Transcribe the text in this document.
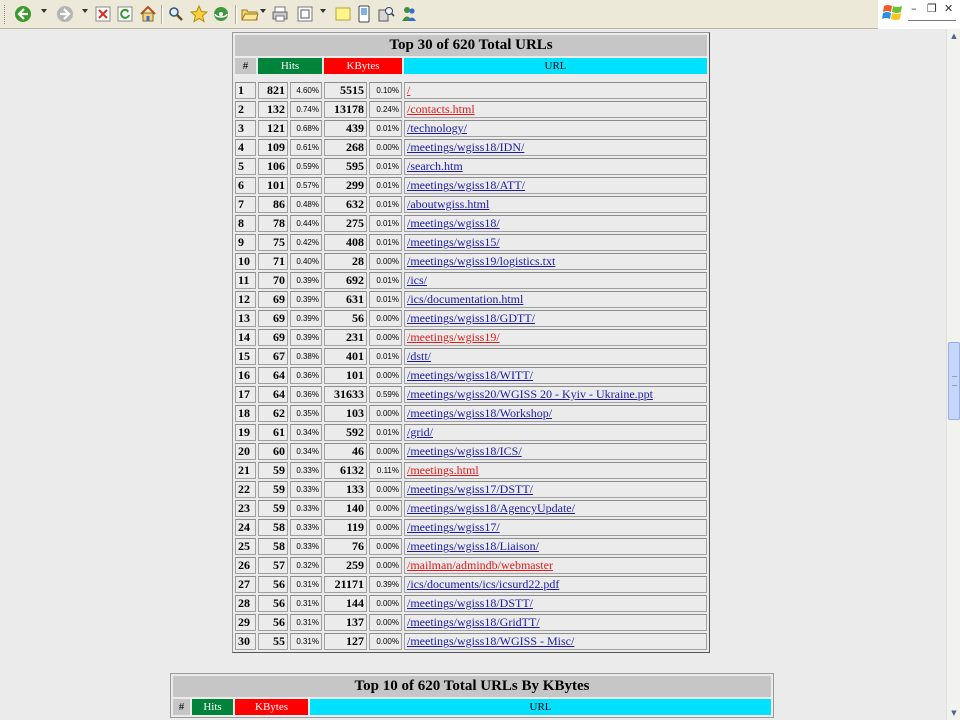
– ❐ ✕
Top 30 of 620 Total URLs					
#	Hits		KBytes		URL

1	821	4.60%	5515	0.10%	/
2	132	0.74%	13178	0.24%	/contacts.html
3	121	0.68%	439	0.01%	/technology/
4	109	0.61%	268	0.00%	/meetings/wgiss18/IDN/
5	106	0.59%	595	0.01%	/search.htm
6	101	0.57%	299	0.01%	/meetings/wgiss18/ATT/
7	86	0.48%	632	0.01%	/aboutwgiss.html
8	78	0.44%	275	0.01%	/meetings/wgiss18/
9	75	0.42%	408	0.01%	/meetings/wgiss15/
10	71	0.40%	28	0.00%	/meetings/wgiss19/logistics.txt
11	70	0.39%	692	0.01%	/ics/
12	69	0.39%	631	0.01%	/ics/documentation.html
13	69	0.39%	56	0.00%	/meetings/wgiss18/GDTT/
14	69	0.39%	231	0.00%	/meetings/wgiss19/
15	67	0.38%	401	0.01%	/dstt/
16	64	0.36%	101	0.00%	/meetings/wgiss18/WITT/
17	64	0.36%	31633	0.59%	/meetings/wgiss20/WGISS 20 - Kyiv - Ukraine.ppt
18	62	0.35%	103	0.00%	/meetings/wgiss18/Workshop/
19	61	0.34%	592	0.01%	/grid/
20	60	0.34%	46	0.00%	/meetings/wgiss18/ICS/
21	59	0.33%	6132	0.11%	/meetings.html
22	59	0.33%	133	0.00%	/meetings/wgiss17/DSTT/
23	59	0.33%	140	0.00%	/meetings/wgiss18/AgencyUpdate/
24	58	0.33%	119	0.00%	/meetings/wgiss17/
25	58	0.33%	76	0.00%	/meetings/wgiss18/Liaison/
26	57	0.32%	259	0.00%	/mailman/admindb/webmaster
27	56	0.31%	21171	0.39%	/ics/documents/ics/icsurd22.pdf
28	56	0.31%	144	0.00%	/meetings/wgiss18/DSTT/
29	56	0.31%	137	0.00%	/meetings/wgiss18/GridTT/
30	55	0.31%	127	0.00%	/meetings/wgiss18/WGISS - Misc/
Top 10 of 620 Total URLs By KBytes
#	Hits	KBytes	URL
▲
▼
